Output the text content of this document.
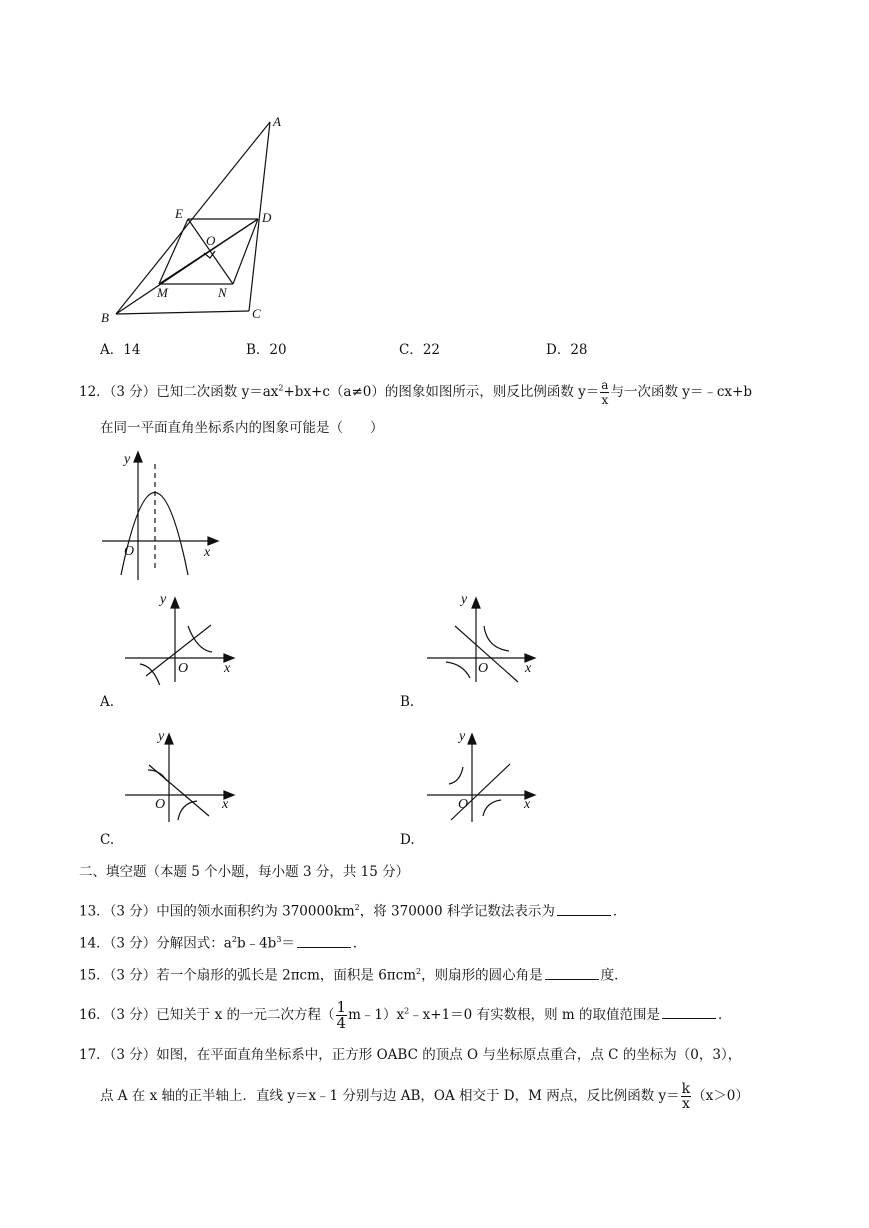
A
E	D
O
M	N
B	C
A．14	B．20	C．22	D．28
12．（3 分）已知二次函数 $y=ax^2+bx+c(a\ne 0)$的图象如图所示，则反比例函数 $y= \frac{a}{x}$ 与一次函数 y＝﹣cx+b
在同一平面直角坐标系内的图象可能是（　　）
y
x
O
y
x
O
A.
y
x
O
B.
y
x
O
C.
y
x
O
D.
二、填空题（本题 5 个小题，每小题 3 分，共 15 分）
13．（3 分）中国的领水面积约为 $370000km^2$，将 370000 科学记数法表示为	．
14．（3 分）分解因式：$a^2b﹣4b^3=$	．
15．（3 分）若一个扇形的弧长是 2πcm，面积是 6πcm$^2$，则扇形的圆心角是	度．
16．（3 分）已知关于 x 的一元二次方程（ $\frac{1}{4}$ $m﹣1)x^2﹣x+1=0$ 有实数根，则 m 的取值范围是	．
17．（3 分）如图，在平面直角坐标系中，正方形 OABC 的顶点 O 与坐标原点重合，点 C 的坐标为（0，3），
点 A 在 x 轴的正半轴上．直线 y＝x﹣1 分别与边 AB，OA 相交于 D，M 两点，反比例函数 $y= \frac{k}{x} (x>0)$
